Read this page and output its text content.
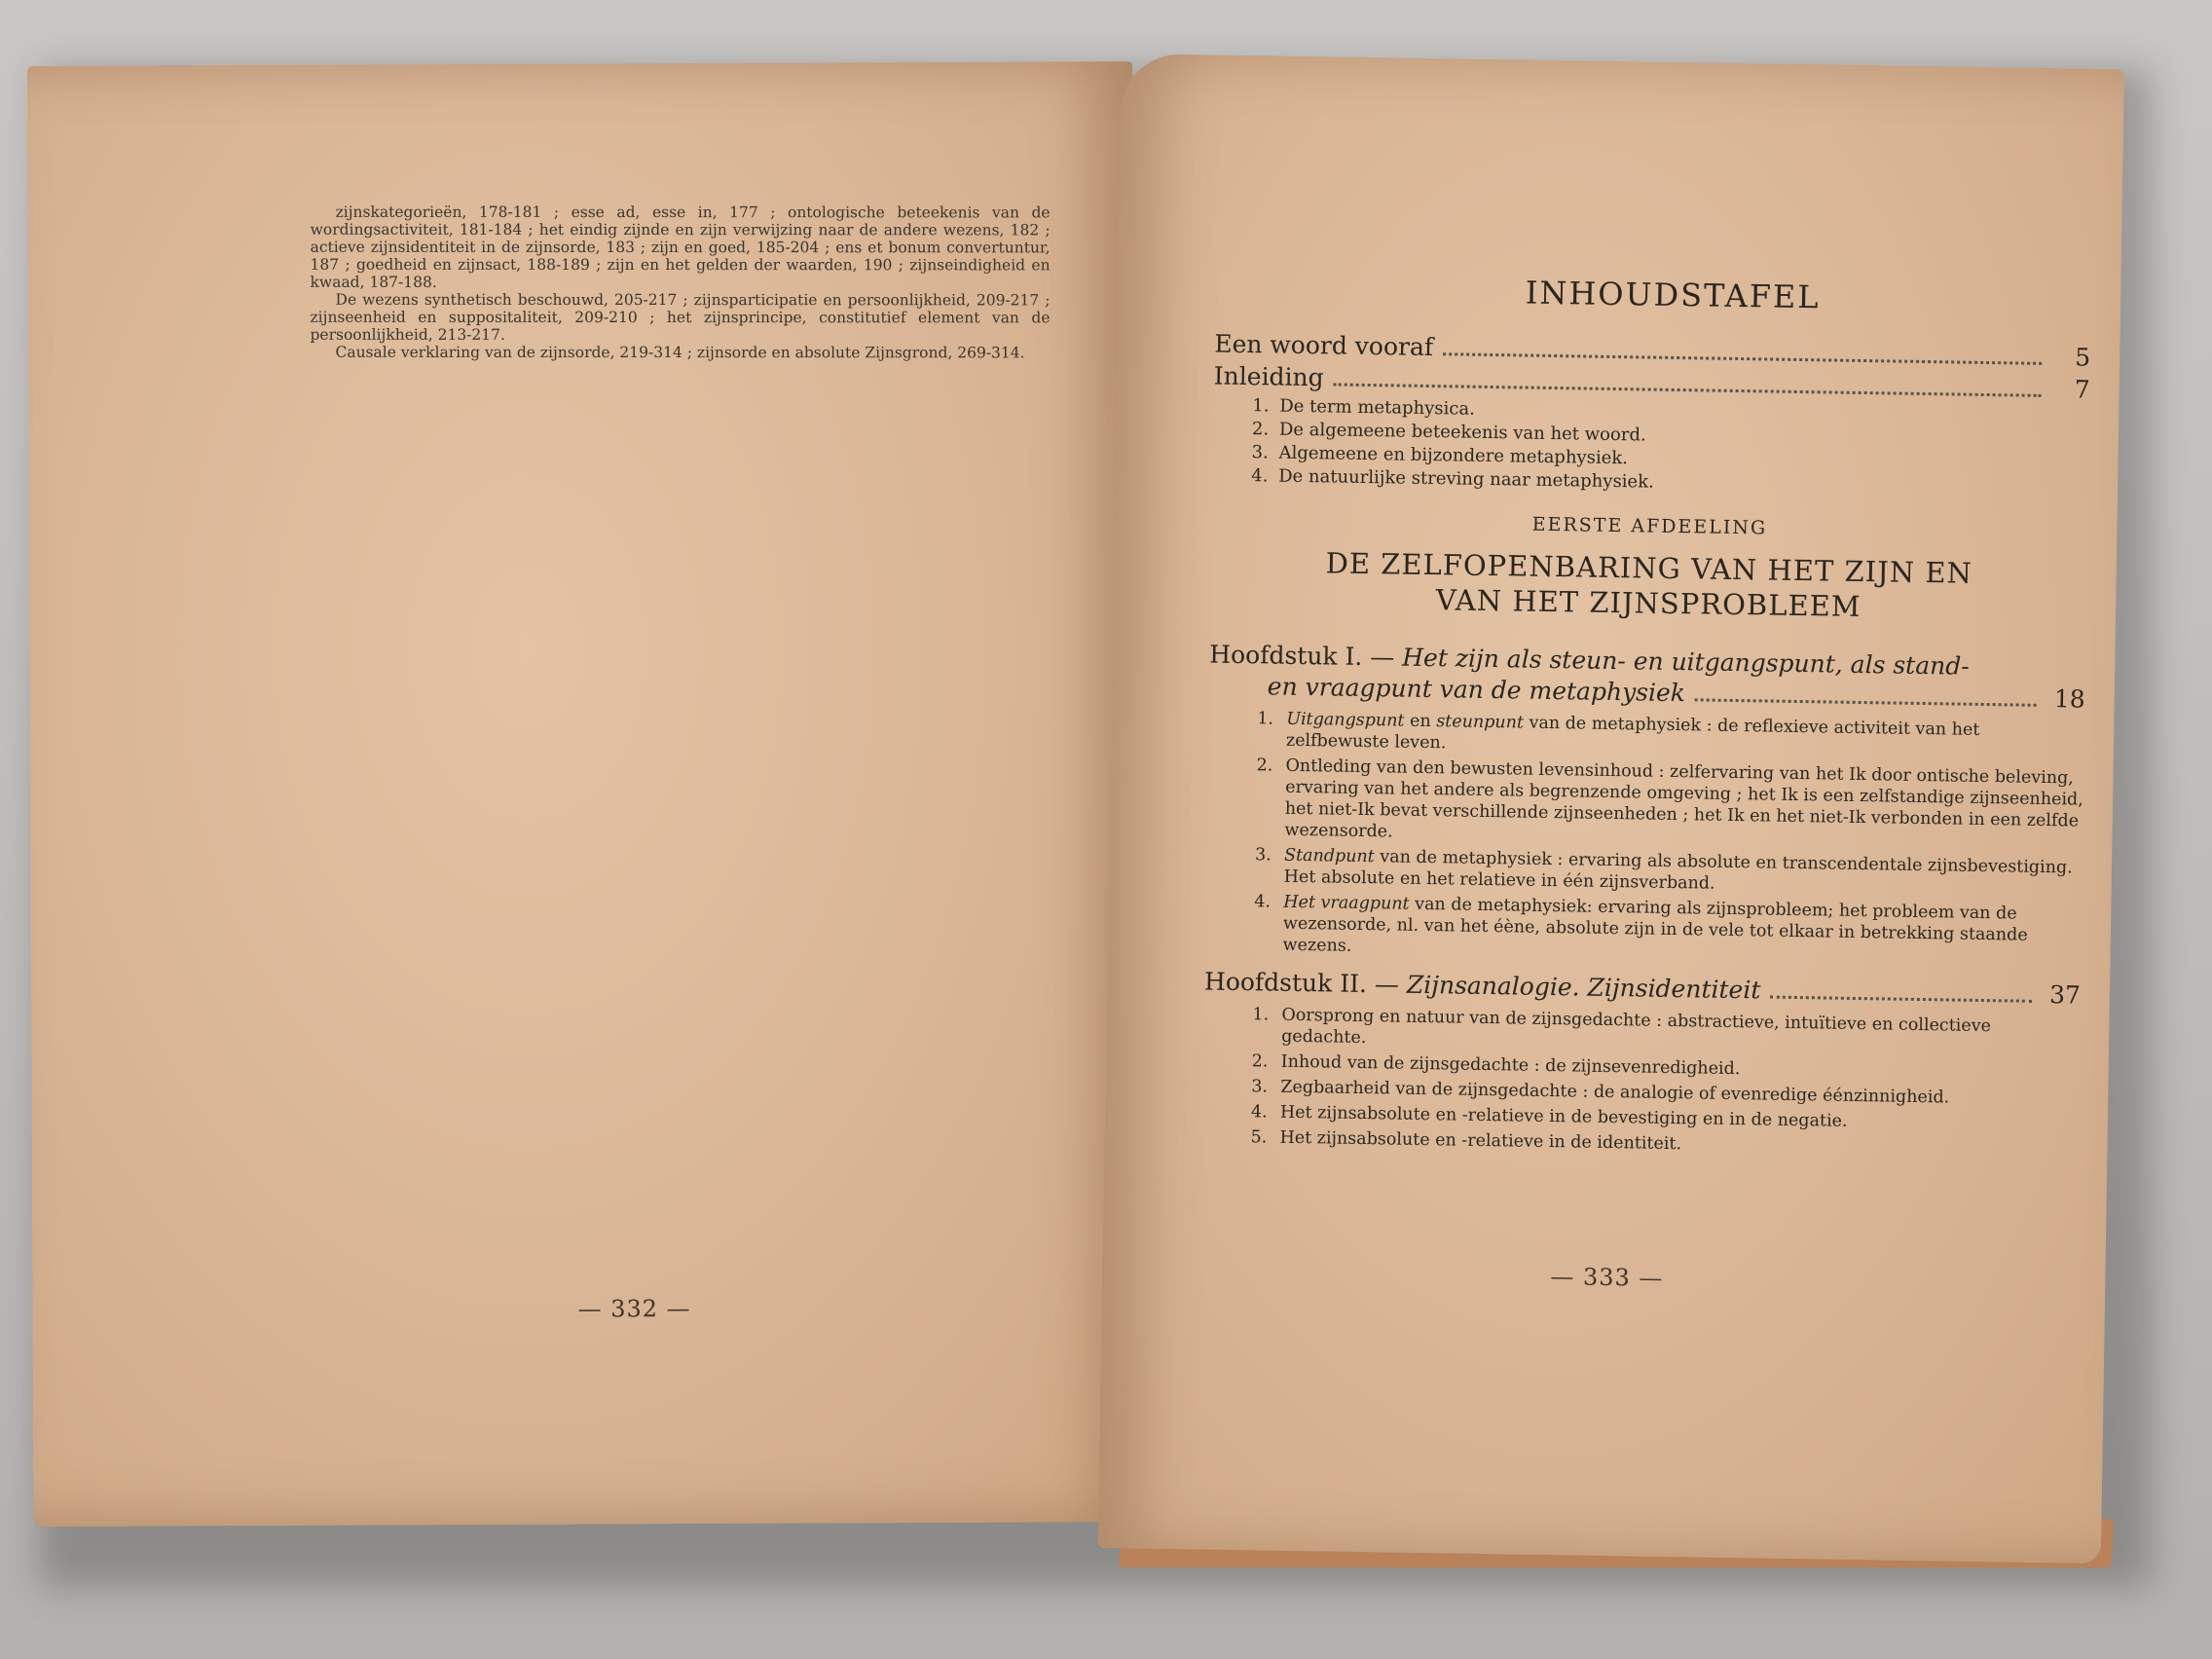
zijnskategorieën, 178-181 ; esse ad, esse in, 177 ; ontologische beteekenis van de wordingsactiviteit, 181-184 ; het eindig zijnde en zijn verwijzing naar de andere wezens, 182 ; actieve zijnsidentiteit in de zijnsorde, 183 ; zijn en goed, 185-204 ; ens et bonum convertuntur, 187 ; goedheid en zijnsact, 188-189 ; zijn en het gelden der waarden, 190 ; zijnseindigheid en kwaad, 187-188.

De wezens synthetisch beschouwd, 205-217 ; zijnsparticipatie en persoonlijkheid, 209-217 ; zijnseenheid en suppositaliteit, 209-210 ; het zijnsprincipe, constitutief element van de persoonlijkheid, 213-217.

Causale verklaring van de zijnsorde, 219-314 ; zijnsorde en absolute Zijnsgrond, 269-314.

— 332 —
INHOUDSTAFEL
Een woord vooraf	5
Inleiding	7
1. De term metaphysica.
2. De algemeene beteekenis van het woord.
3. Algemeene en bijzondere metaphysiek.
4. De natuurlijke streving naar metaphysiek.
EERSTE AFDEELING
DE ZELFOPENBARING VAN HET ZIJN EN
VAN HET ZIJNSPROBLEEM
Hoofdstuk I. — Het zijn als steun- en uitgangspunt, als stand-
en vraagpunt van de metaphysiek	18
1. Uitgangspunt en steunpunt van de metaphysiek : de reflexieve activiteit van het zelfbewuste leven.
2. Ontleding van den bewusten levensinhoud : zelfervaring van het Ik door ontische beleving, ervaring van het andere als begrenzende omgeving ; het Ik is een zelfstandige zijnseenheid, het niet-Ik bevat verschillende zijnseenheden ; het Ik en het niet-Ik verbonden in een zelfde wezensorde.
3. Standpunt van de metaphysiek : ervaring als absolute en transcendentale zijnsbevestiging. Het absolute en het relatieve in één zijnsverband.
4. Het vraagpunt van de metaphysiek: ervaring als zijnsprobleem; het probleem van de wezensorde, nl. van het éène, absolute zijn in de vele tot elkaar in betrekking staande wezens.
Hoofdstuk II. —
Zijnsanalogie. Zijnsidentiteit	37
1. Oorsprong en natuur van de zijnsgedachte : abstractieve, intuïtieve en collectieve gedachte.
2. Inhoud van de zijnsgedachte : de zijnsevenredigheid.
3. Zegbaarheid van de zijnsgedachte : de analogie of evenredige éénzinnigheid.
4. Het zijnsabsolute en -relatieve in de bevestiging en in de negatie.
5. Het zijnsabsolute en -relatieve in de identiteit.
— 333 —
